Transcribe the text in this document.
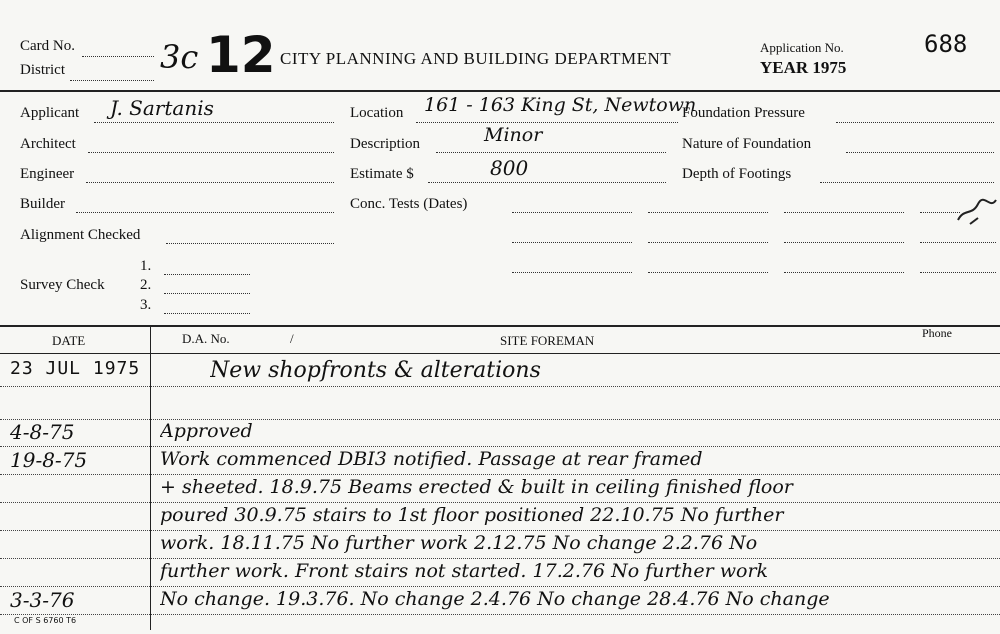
Card No.
District	3c 12 CITY PLANNING AND BUILDING DEPARTMENT
Application No.
YEAR 1975
688
Applicant J. Sartanis
Architect
Engineer
Builder
Alignment Checked
Survey Check
1.
2.
3.
Location 161 - 163 King St, Newtown
Description	Minor
Estimate $	800
Conc. Tests (Dates)
Foundation Pressure
Nature of Foundation
Depth of Footings
DATE	D.A. No.	/	SITE FOREMAN	Phone
23 JUL 1975	New shopfronts & alterations
4-8-75	Approved
19-8-75	Work commenced DBI3 notified. Passage at rear framed
+ sheeted. 18.9.75 Beams erected & built in ceiling finished floor
poured 30.9.75 stairs to 1st floor positioned 22.10.75 No further
work. 18.11.75 No further work 2.12.75 No change 2.2.76 No
further work. Front stairs not started. 17.2.76 No further work
3-3-76	No change. 19.3.76. No change 2.4.76 No change 28.4.76 No change
C OF S 6760 T6
